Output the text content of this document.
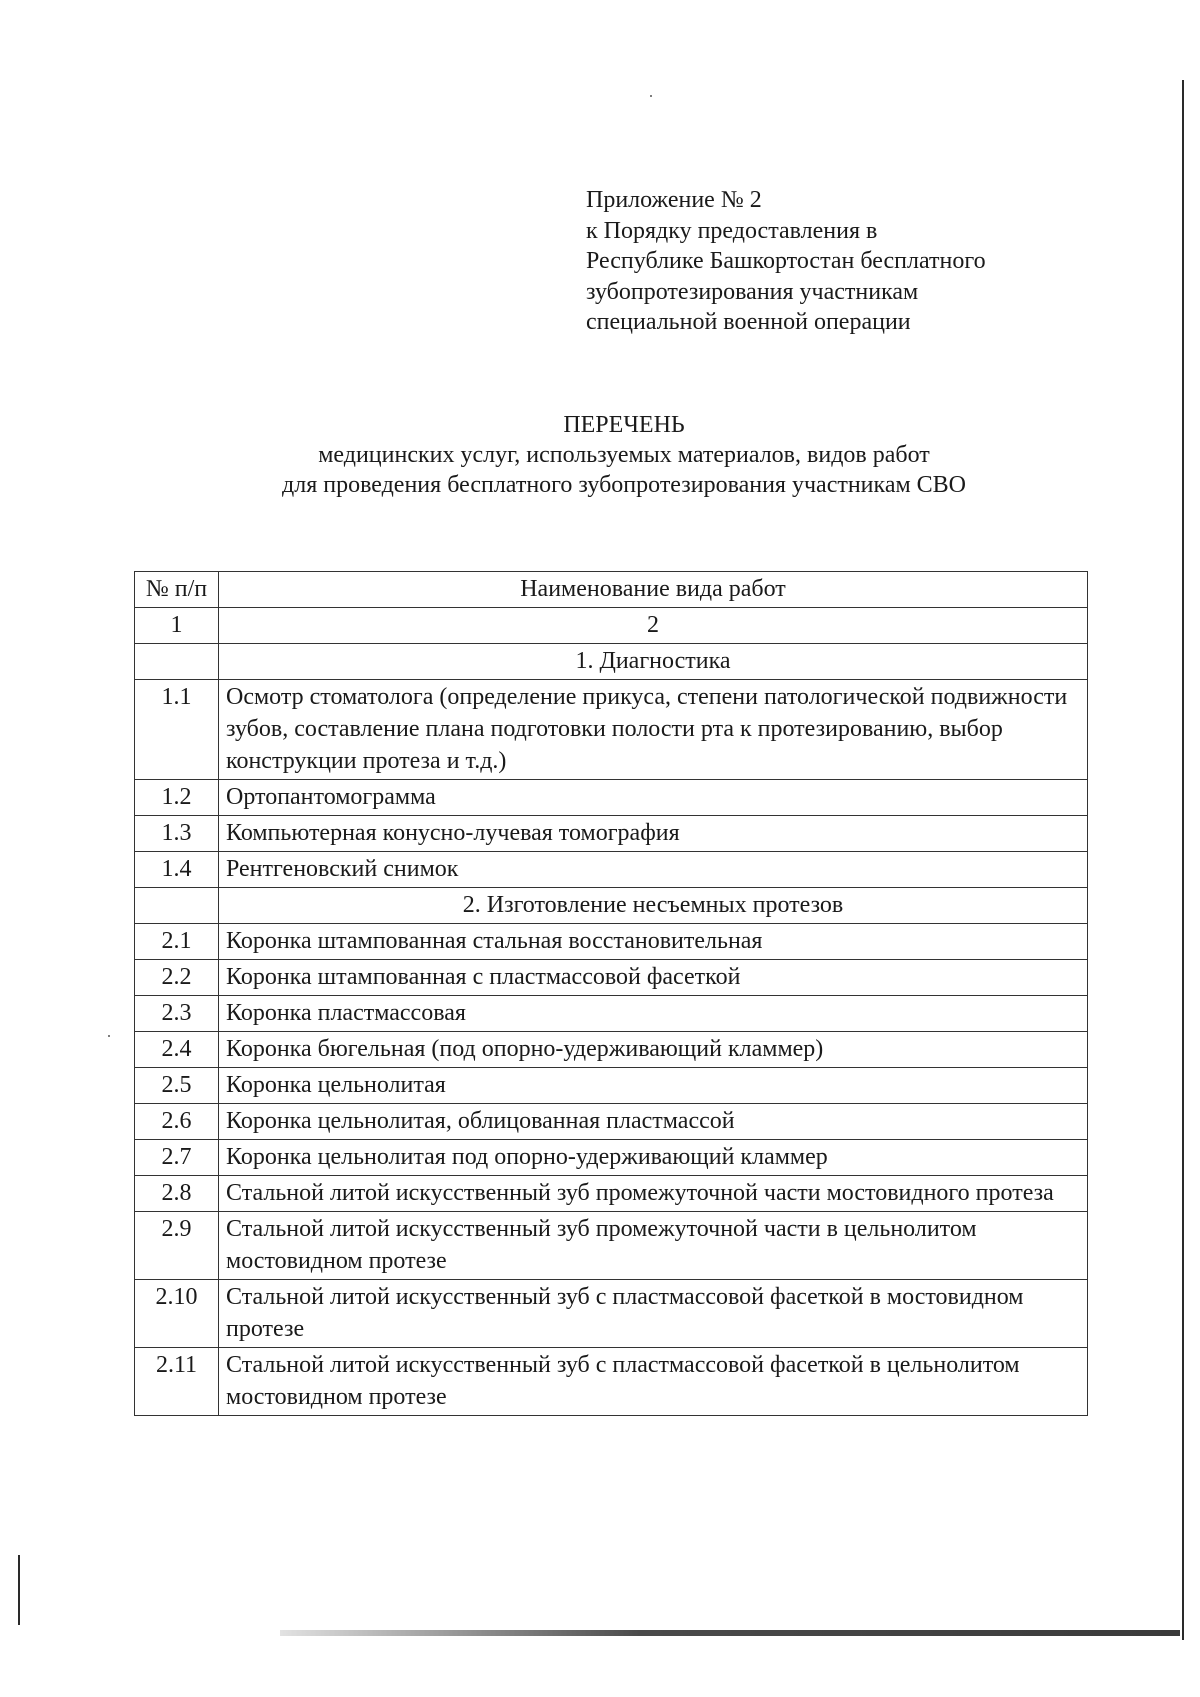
Приложение № 2
к Порядку предоставления в
Республике Башкортостан бесплатного
зубопротезирования участникам
специальной военной операции
ПЕРЕЧЕНЬ
медицинских услуг, используемых материалов, видов работ
для проведения бесплатного зубопротезирования участникам СВО
№ п/п	Наименование вида работ
1	2
	1. Диагностика
1.1	Осмотр стоматолога (определение прикуса, степени патологической подвижности зубов, составление плана подготовки полости рта к протезированию, выбор конструкции протеза и т.д.)
1.2	Ортопантомограмма
1.3	Компьютерная конусно-лучевая томография
1.4	Рентгеновский снимок
	2. Изготовление несъемных протезов
2.1	Коронка штампованная стальная восстановительная
2.2	Коронка штампованная с пластмассовой фасеткой
2.3	Коронка пластмассовая
2.4	Коронка бюгельная (под опорно-удерживающий кламмер)
2.5	Коронка цельнолитая
2.6	Коронка цельнолитая, облицованная пластмассой
2.7	Коронка цельнолитая под опорно-удерживающий кламмер
2.8	Стальной литой искусственный зуб промежуточной части мостовидного протеза
2.9	Стальной литой искусственный зуб промежуточной части в цельнолитом мостовидном протезе
2.10	Стальной литой искусственный зуб с пластмассовой фасеткой в мостовидном протезе
2.11	Стальной литой искусственный зуб с пластмассовой фасеткой в цельнолитом мостовидном протезе
